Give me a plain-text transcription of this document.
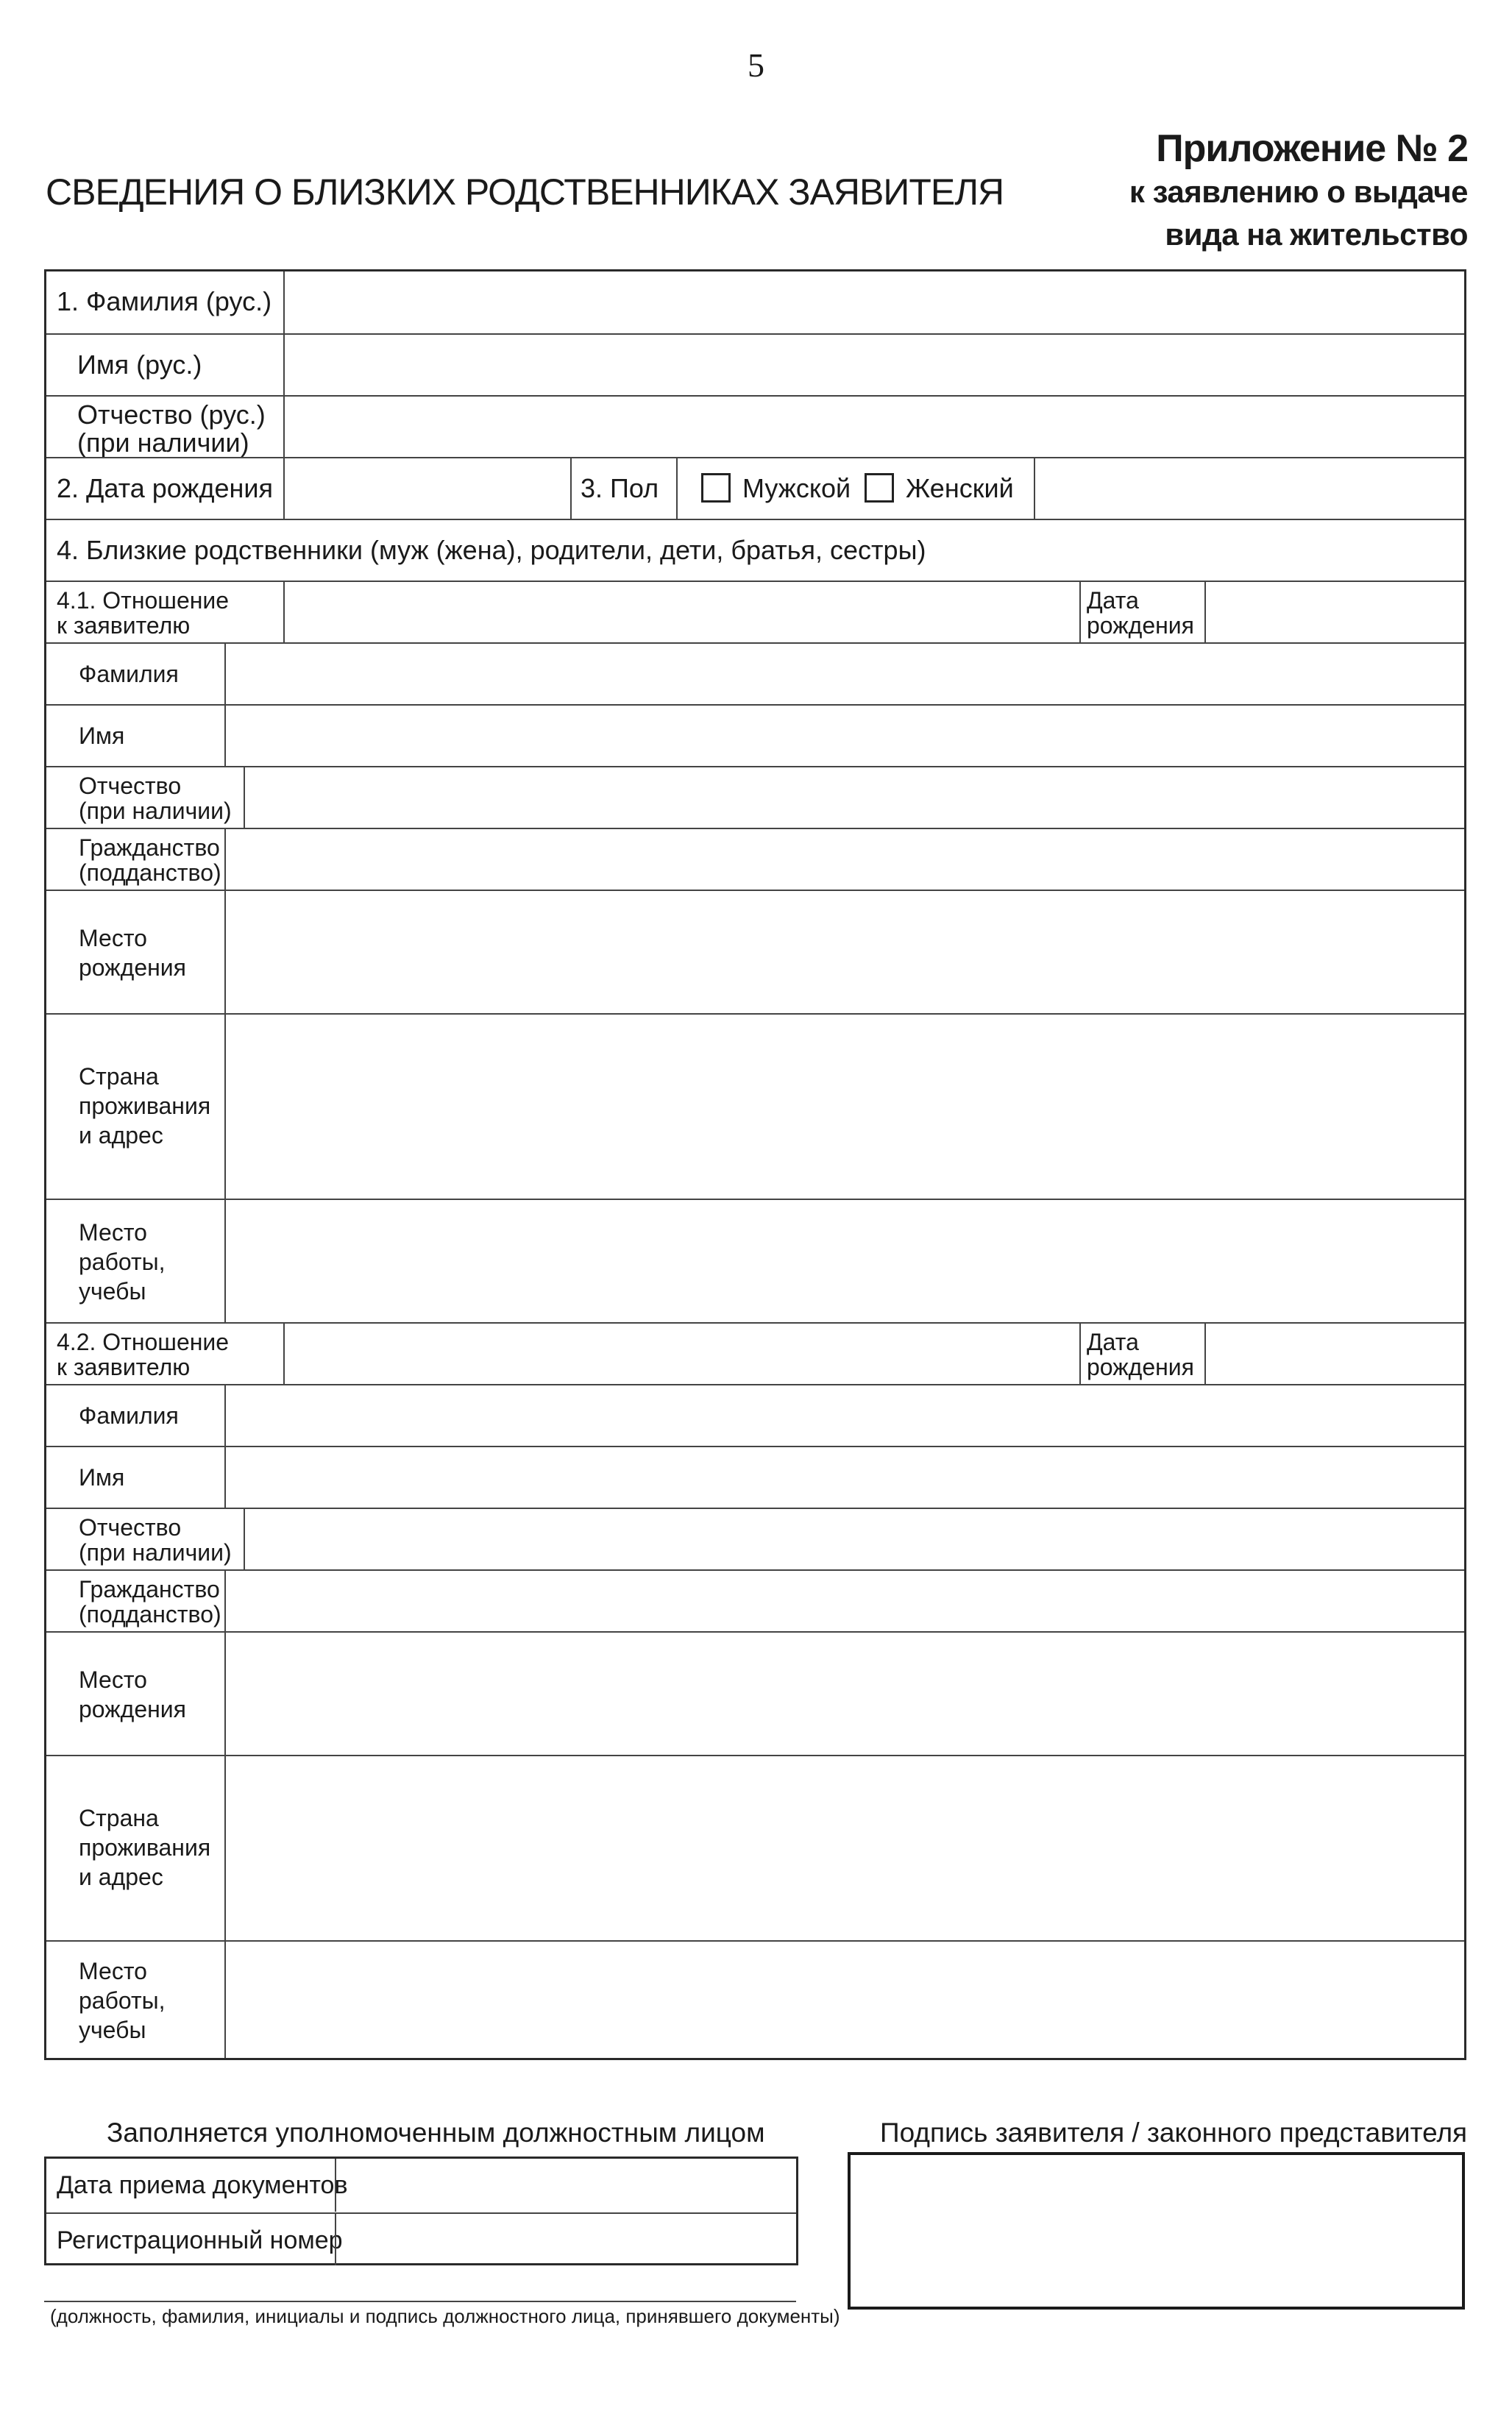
5
СВЕДЕНИЯ О БЛИЗКИХ РОДСТВЕННИКАХ ЗАЯВИТЕЛЯ
Приложение № 2
к заявлению о выдаче
вида на жительство
1. Фамилия (рус.)
Имя (рус.)
Отчество (рус.)
(при наличии)
2. Дата рождения	3. Пол	Мужской Женский
4. Близкие родственники (муж (жена), родители, дети, братья, сестры)
4.1. Отношение
к заявителю
Дата
рождения
Фамилия
Имя
Отчество
(при наличии)
Гражданство
(подданство)
Место
рождения
Страна
проживания
и адрес
Место
работы,
учебы
4.2. Отношение
к заявителю
Дата
рождения
Фамилия
Имя
Отчество
(при наличии)
Гражданство
(подданство)
Место
рождения
Страна
проживания
и адрес
Место
работы,
учебы
Заполняется уполномоченным должностным лицом
Дата приема документов
Регистрационный номер
Подпись заявителя / законного представителя
(должность, фамилия, инициалы и подпись должностного лица, принявшего документы)
